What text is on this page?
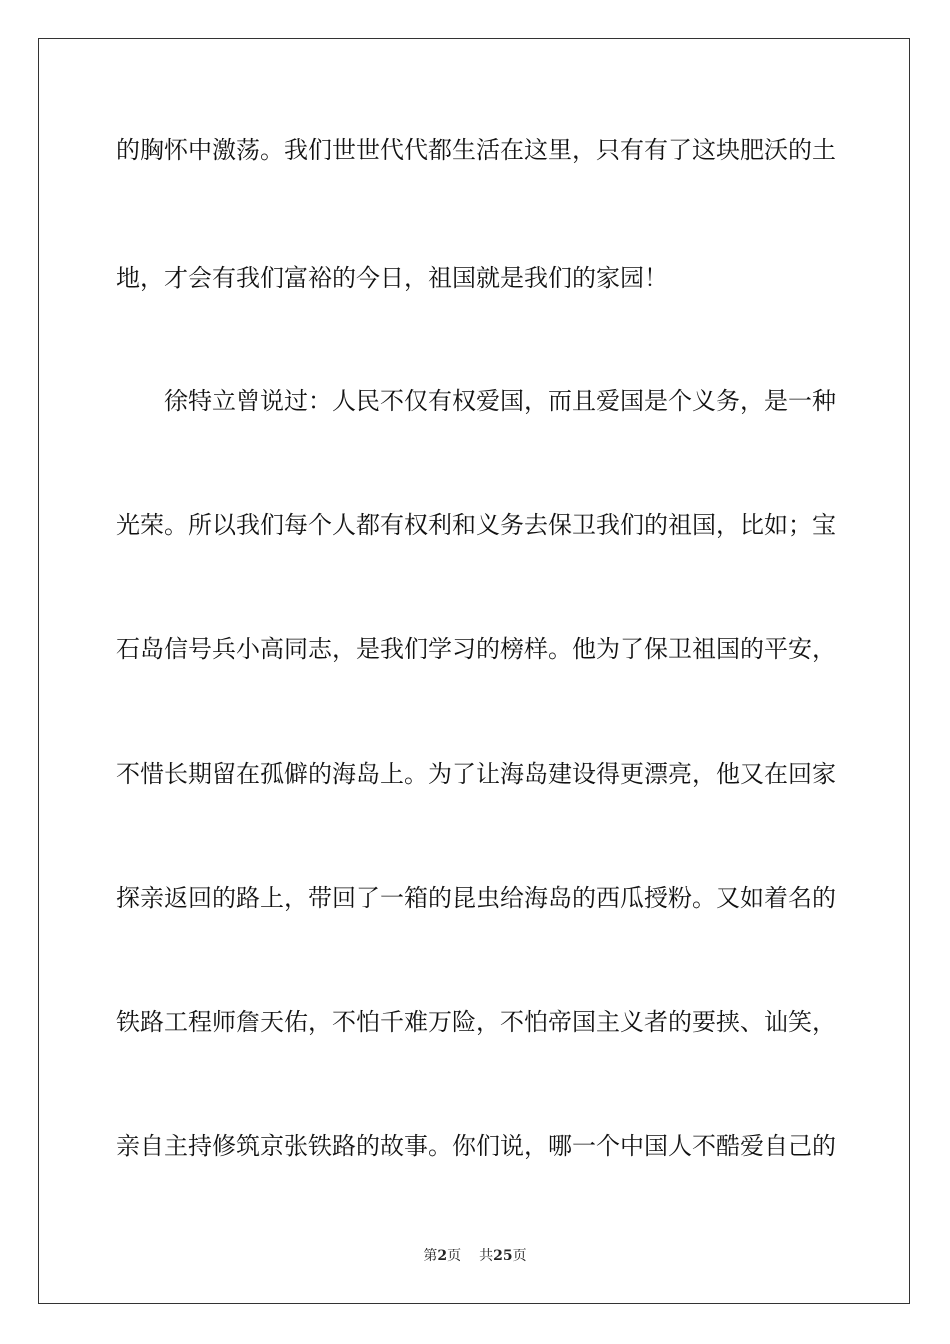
的胸怀中激荡。我们世世代代都生活在这里，只有有了这块肥沃的土
地，才会有我们富裕的今日，祖国就是我们的家园！
徐特立曾说过：人民不仅有权爱国，而且爱国是个义务，是一种
光荣。所以我们每个人都有权利和义务去保卫我们的祖国，比如；宝
石岛信号兵小高同志，是我们学习的榜样。他为了保卫祖国的平安，
不惜长期留在孤僻的海岛上。为了让海岛建设得更漂亮，他又在回家
探亲返回的路上，带回了一箱的昆虫给海岛的西瓜授粉。又如着名的
铁路工程师詹天佑，不怕千难万险，不怕帝国主义者的要挟、讪笑，
亲自主持修筑京张铁路的故事。你们说，哪一个中国人不酷爱自己的
第2页 共25页
